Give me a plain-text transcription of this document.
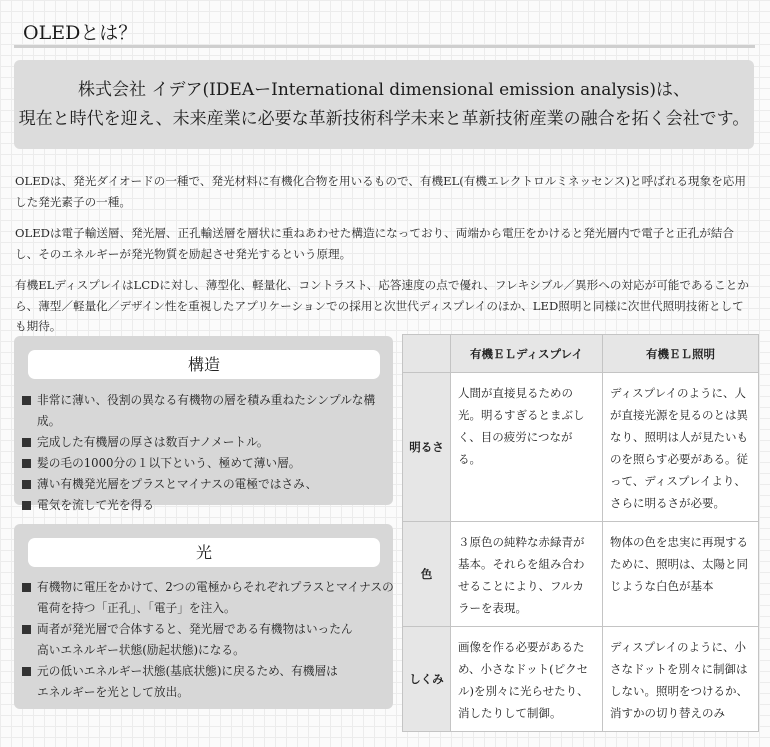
OLEDとは？
株式会社 イデア(IDEAーInternational dimensional emission analysis)は、
現在と時代を迎え、未来産業に必要な革新技術科学未来と革新技術産業の融合を拓く会社です。

OLEDは、発光ダイオードの一種で、発光材料に有機化合物を用いるもので、有機EL(有機エレクトロルミネッセンス)と呼ばれる現象を応用した発光素子の一種。

OLEDは電子輸送層、発光層、正孔輸送層を層状に重ねあわせた構造になっており、両端から電圧をかけると発光層内で電子と正孔が結合し、そのエネルギーが発光物質を励起させ発光するという原理。

有機ELディスプレイはLCDに対し、薄型化、軽量化、コントラスト、応答速度の点で優れ、フレキシブル／異形への対応が可能であることから、薄型／軽量化／デザイン性を重視したアプリケーションでの採用と次世代ディスプレイのほか、LED照明と同様に次世代照明技術としても期待。

構造
非常に薄い、役割の異なる有機物の層を積み重ねたシンプルな構成。
完成した有機層の厚さは数百ナノメートル。
髪の毛の1000分の１以下という、極めて薄い層。
薄い有機発光層をプラスとマイナスの電極ではさみ、
電気を流して光を得る
光
有機物に電圧をかけて、2つの電極からそれぞれプラスとマイナスの
電荷を持つ「正孔」、「電子」を注入。
両者が発光層で合体すると、発光層である有機物はいったん
高いエネルギー状態(励起状態)になる。
元の低いエネルギー状態(基底状態)に戻るため、有機層は
エネルギーを光として放出。
	有機ＥＬディスプレイ	有機ＥＬ照明
明るさ	人間が直接見るための光。明るすぎるとまぶしく、目の疲労につながる。	ディスプレイのように、人が直接光源を見るのとは異なり、照明は人が見たいものを照らす必要がある。従って、ディスプレイより、さらに明るさが必要。
色	３原色の純粋な赤緑青が基本。それらを組み合わせることにより、フルカラーを表現。	物体の色を忠実に再現するために、照明は、太陽と同じような白色が基本
しくみ	画像を作る必要があるため、小さなドット(ピクセル)を別々に光らせたり、消したりして制御。	ディスプレイのように、小さなドットを別々に制御はしない。照明をつけるか、消すかの切り替えのみ
